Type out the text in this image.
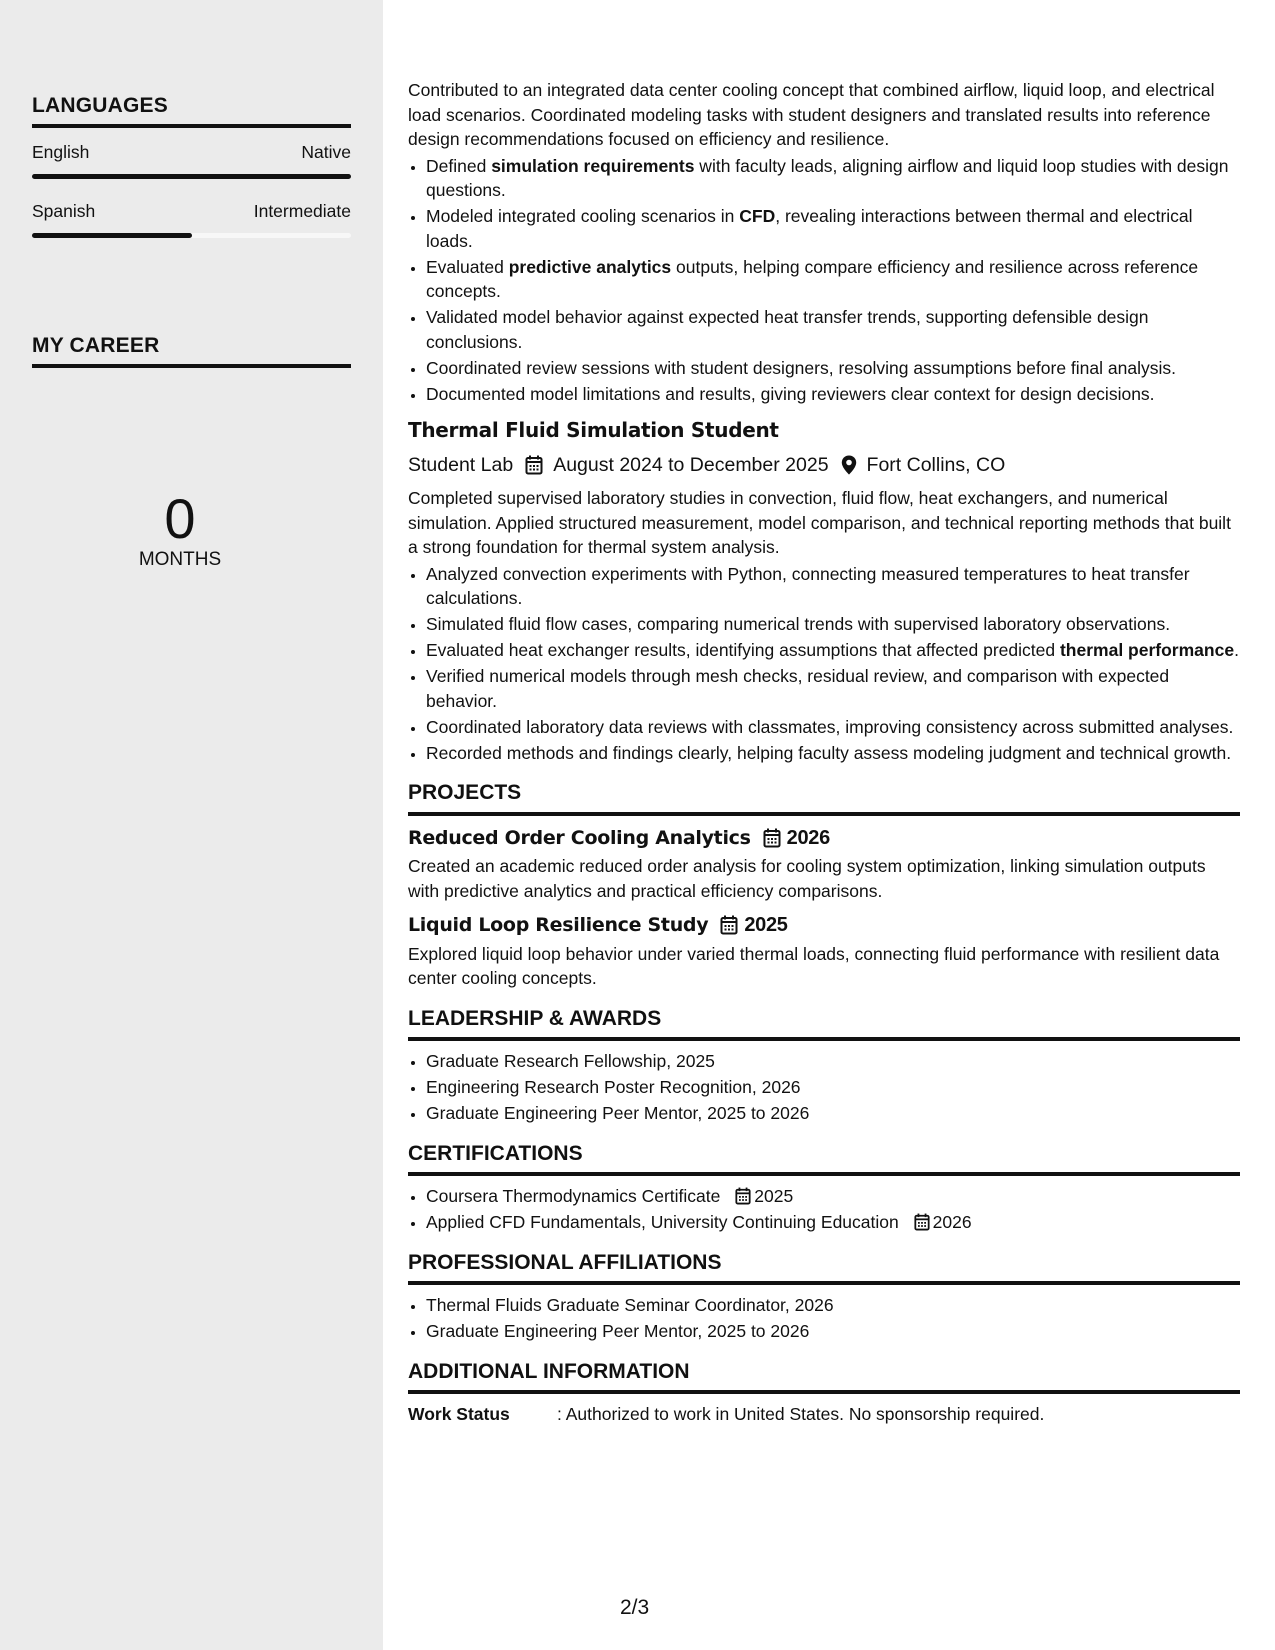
LANGUAGES
English	Native
Spanish	Intermediate
MY CAREER
0
MONTHS

Contributed to an integrated data center cooling concept that combined airflow, liquid loop, and electrical load scenarios. Coordinated modeling tasks with student designers and translated results into reference design recommendations focused on efficiency and resilience.

• Defined simulation requirements with faculty leads, aligning airflow and liquid loop studies with design questions.
• Modeled integrated cooling scenarios in CFD, revealing interactions between thermal and electrical loads.
• Evaluated predictive analytics outputs, helping compare efficiency and resilience across reference concepts.
• Validated model behavior against expected heat transfer trends, supporting defensible design conclusions.
• Coordinated review sessions with student designers, resolving assumptions before final analysis.
• Documented model limitations and results, giving reviewers clear context for design decisions.
Thermal Fluid Simulation Student
Student Lab August 2024 to December 2025 Fort Collins, CO

Completed supervised laboratory studies in convection, fluid flow, heat exchangers, and numerical simulation. Applied structured measurement, model comparison, and technical reporting methods that built a strong foundation for thermal system analysis.

• Analyzed convection experiments with Python, connecting measured temperatures to heat transfer calculations.
• Simulated fluid flow cases, comparing numerical trends with supervised laboratory observations.
• Evaluated heat exchanger results, identifying assumptions that affected predicted thermal performance.
• Verified numerical models through mesh checks, residual review, and comparison with expected behavior.
• Coordinated laboratory data reviews with classmates, improving consistency across submitted analyses.
• Recorded methods and findings clearly, helping faculty assess modeling judgment and technical growth.
PROJECTS
Reduced Order Cooling Analytics 2026

Created an academic reduced order analysis for cooling system optimization, linking simulation outputs with predictive analytics and practical efficiency comparisons.

Liquid Loop Resilience Study 2025

Explored liquid loop behavior under varied thermal loads, connecting fluid performance with resilient data center cooling concepts.

LEADERSHIP & AWARDS
• Graduate Research Fellowship, 2025
• Engineering Research Poster Recognition, 2026
• Graduate Engineering Peer Mentor, 2025 to 2026
CERTIFICATIONS
• Coursera Thermodynamics Certificate 2025
• Applied CFD Fundamentals, University Continuing Education 2026
PROFESSIONAL AFFILIATIONS
• Thermal Fluids Graduate Seminar Coordinator, 2026
• Graduate Engineering Peer Mentor, 2025 to 2026
ADDITIONAL INFORMATION
Work Status	: Authorized to work in United States. No sponsorship required.
2/3
